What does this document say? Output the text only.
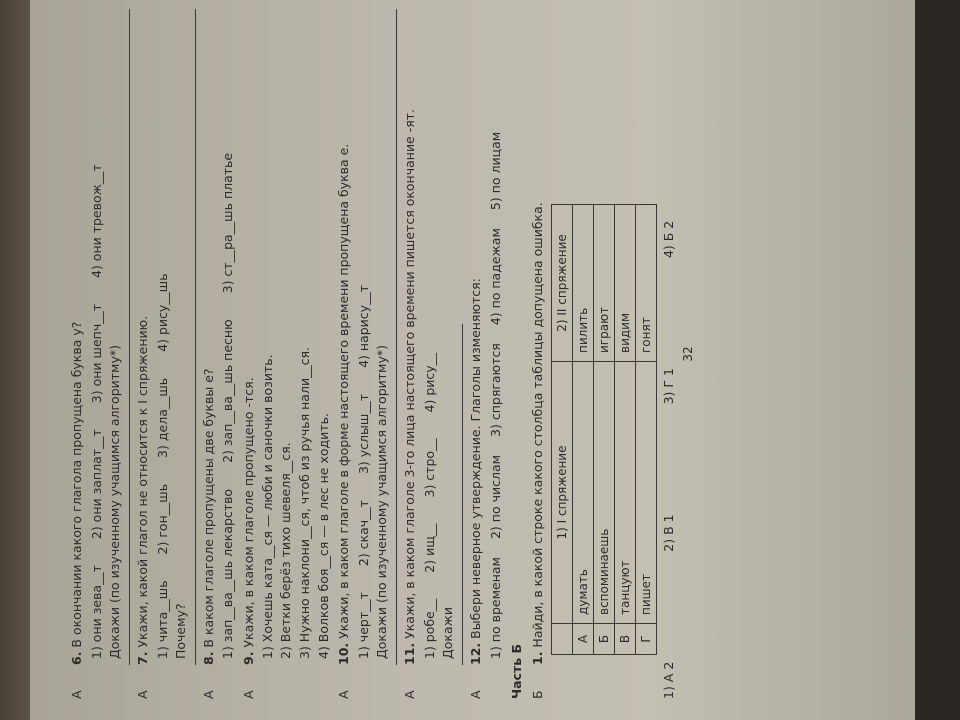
А
6. В окончании какого глагола пропущена буква у? 1) они зева__т
2) они заплат__т
3) они шепч__т
4) они тревож__т
Докажи (по изученному учащимся алгоритму*)
А
7. Укажи, какой глагол не относится к I спряжению. 1) чита__шь
2) гон__шь
3) дела__шь
4) рису__шь
Почему?
А
8. В каком глаголе пропущены две буквы е? 1) зап__ва__шь лекарство
2) зап__ва__шь песню
3) ст__ра__шь платье
А
9. Укажи, в каком глаголе пропущено -тся. 1) Хочешь ката__ся — люби и саночки возить. 2) Ветки берёз тихо шевеля__ся. 3) Нужно наклони__ся, чтоб из ручья нали__ся. 4) Волков боя__ся — в лес не ходить.
А
10. Укажи, в каком глаголе в форме настоящего времени пропущена буква е. 1) черт__т
2) скач__т
3) услыш__т
4) нарису__т
Докажи (по изученному учащимся алгоритму*)
А
11. Укажи, в каком глаголе 3-го лица настоящего времени пишется окончание -ят. 1) робе__
2) ищ__
3) стро__
4) рису__
Докажи
А
12. Выбери неверное утверждение. Глаголы изменяются: 1) по временам
2) по числам
3) спрягаются
4) по падежам
5) по лицам
Часть Б Б
1. Найди, в какой строке какого столбца таблицы допущена ошибка.
	1) I спряжение	2) II спряжение
А	думать	пилить
Б	вспоминаешь	играют
В	танцуют	видим
Г	пишет	гонят
1) А 2
2) В 1
3) Г 1
4) Б 2
32
